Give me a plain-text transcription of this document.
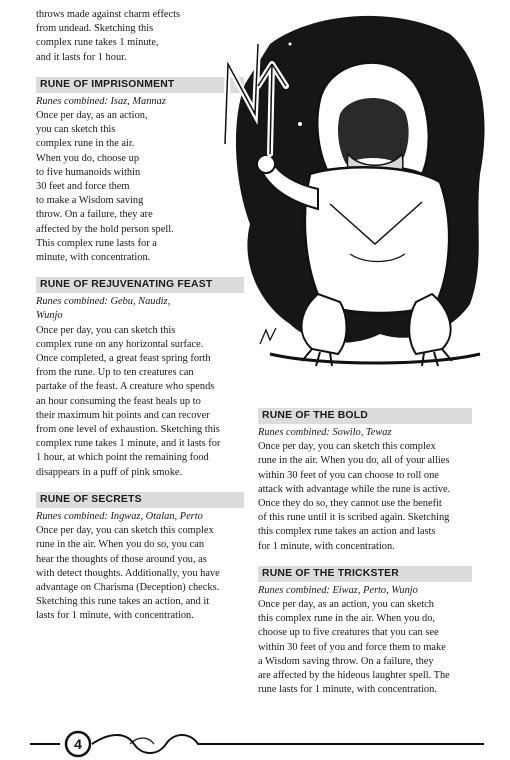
throws made against charm effects
from undead. Sketching this
complex rune takes 1 minute,
and it lasts for 1 hour.
RUNE OF IMPRISONMENT
Runes combined: Isaz, Mannaz
Once per day, as an action,
you can sketch this
complex rune in the air.
When you do, choose up
to five humanoids within
30 feet and force them
to make a Wisdom saving
throw. On a failure, they are
affected by the hold person spell.
This complex rune lasts for a
minute, with concentration.
RUNE OF REJUVENATING FEAST
Runes combined: Gebu, Naudiz,
Wunjo
Once per day, you can sketch this
complex rune on any horizontal surface.
Once completed, a great feast spring forth
from the rune. Up to ten creatures can
partake of the feast. A creature who spends
an hour consuming the feast heals up to
their maximum hit points and can recover
from one level of exhaustion. Sketching this
complex rune takes 1 minute, and it lasts for
1 hour, at which point the remaining food
disappears in a puff of pink smoke.
RUNE OF SECRETS
Runes combined: Ingwaz, Otalan, Perto
Once per day, you can sketch this complex
rune in the air. When you do so, you can
hear the thoughts of those around you, as
with detect thoughts. Additionally, you have
advantage on Charisma (Deception) checks.
Sketching this rune takes an action, and it
lasts for 1 minute, with concentration.
RUNE OF THE BOLD
Runes combined: Sowilo, Tewaz
Once per day, you can sketch this complex
rune in the air. When you do, all of your allies
within 30 feet of you can choose to roll one
attack with advantage while the rune is active.
Once they do so, they cannot use the benefit
of this rune until it is scribed again. Sketching
this complex rune takes an action and lasts
for 1 minute, with concentration.
RUNE OF THE TRICKSTER
Runes combined: Eiwaz, Perto, Wunjo
Once per day, as an action, you can sketch
this complex rune in the air. When you do,
choose up to five creatures that you can see
within 30 feet of you and force them to make
a Wisdom saving throw. On a failure, they
are affected by the hideous laughter spell. The
rune lasts for 1 minute, with concentration.
4
